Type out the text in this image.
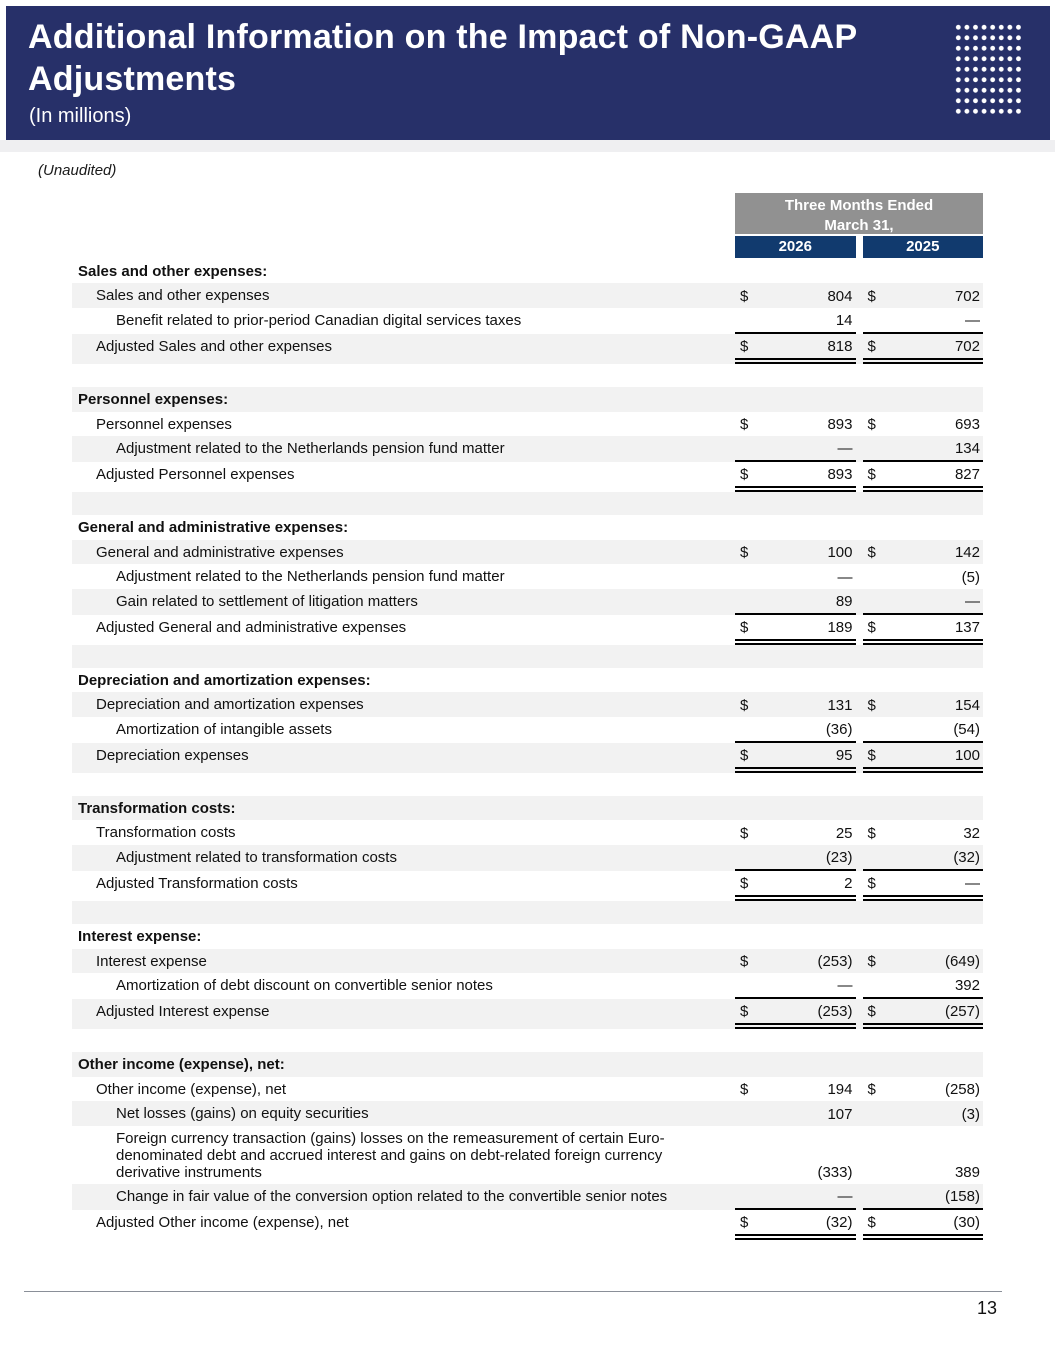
Additional Information on the Impact of Non-GAAP Adjustments
(In millions)
(Unaudited)
Three Months Ended
March 31,
2026	2025
Sales and other expenses:
Sales and other expenses	$	804 $	702
Benefit related to prior-period Canadian digital services taxes	14	—
Adjusted Sales and other expenses	$	818 $	702
Personnel expenses:
Personnel expenses	$	893 $	693
Adjustment related to the Netherlands pension fund matter	—	134
Adjusted Personnel expenses	$	893 $	827
General and administrative expenses:
General and administrative expenses	$	100 $	142
Adjustment related to the Netherlands pension fund matter	—	(5)
Gain related to settlement of litigation matters	89	—
Adjusted General and administrative expenses	$	189 $	137
Depreciation and amortization expenses:
Depreciation and amortization expenses	$	131 $	154
Amortization of intangible assets	(36)	(54)
Depreciation expenses	$	95 $	100
Transformation costs:
Transformation costs	$	25 $	32
Adjustment related to transformation costs	(23)	(32)
Adjusted Transformation costs	$	2 $	—
Interest expense:
Interest expense	$	(253) $	(649)
Amortization of debt discount on convertible senior notes	—	392
Adjusted Interest expense	$	(253) $	(257)
Other income (expense), net:
Other income (expense), net	$	194 $	(258)
Net losses (gains) on equity securities	107	(3)
Foreign currency transaction (gains) losses on the remeasurement of certain Euro-denominated debt and accrued interest and gains on debt-related foreign currency derivative instruments	(333)	389
Change in fair value of the conversion option related to the convertible senior notes	—	(158)
Adjusted Other income (expense), net	$	(32) $	(30)
13
